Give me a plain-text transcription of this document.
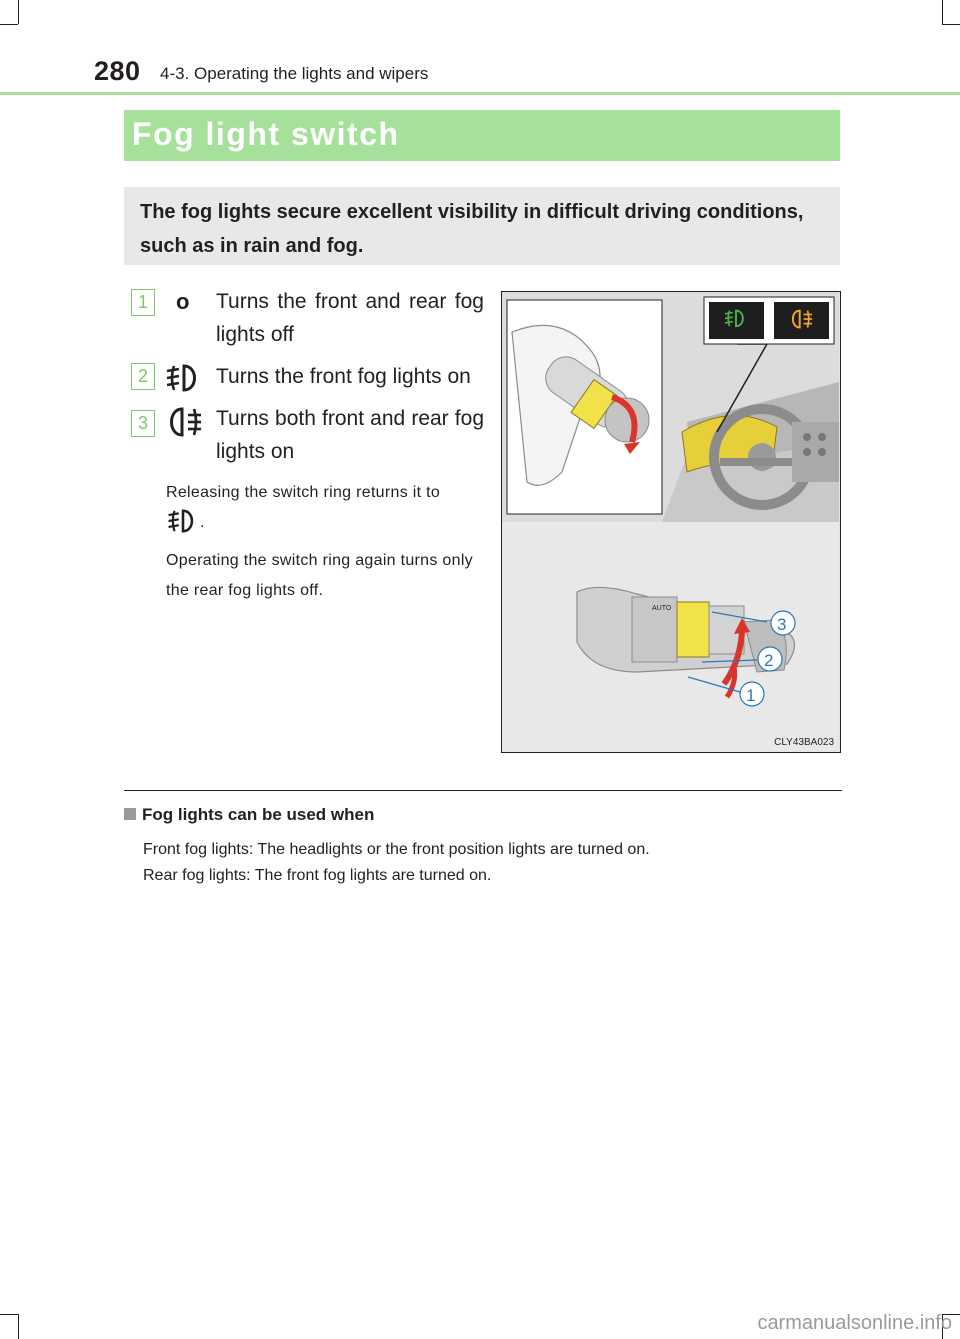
280 4-3. Operating the lights and wipers
Fog light switch
The fog lights secure excellent visibility in difficult driving conditions, such as in rain and fog.
1	o Turns the front and rear fog lights off
2	Turns the front fog lights on
3	Turns both front and rear fog lights on
Releasing the switch ring returns it to
.
Operating the switch ring again turns only the rear fog lights off.
AUTO
3
2
1
CLY43BA023
Fog lights can be used when
Front fog lights: The headlights or the front position lights are turned on.
Rear fog lights: The front fog lights are turned on.
carmanualsonline.info
